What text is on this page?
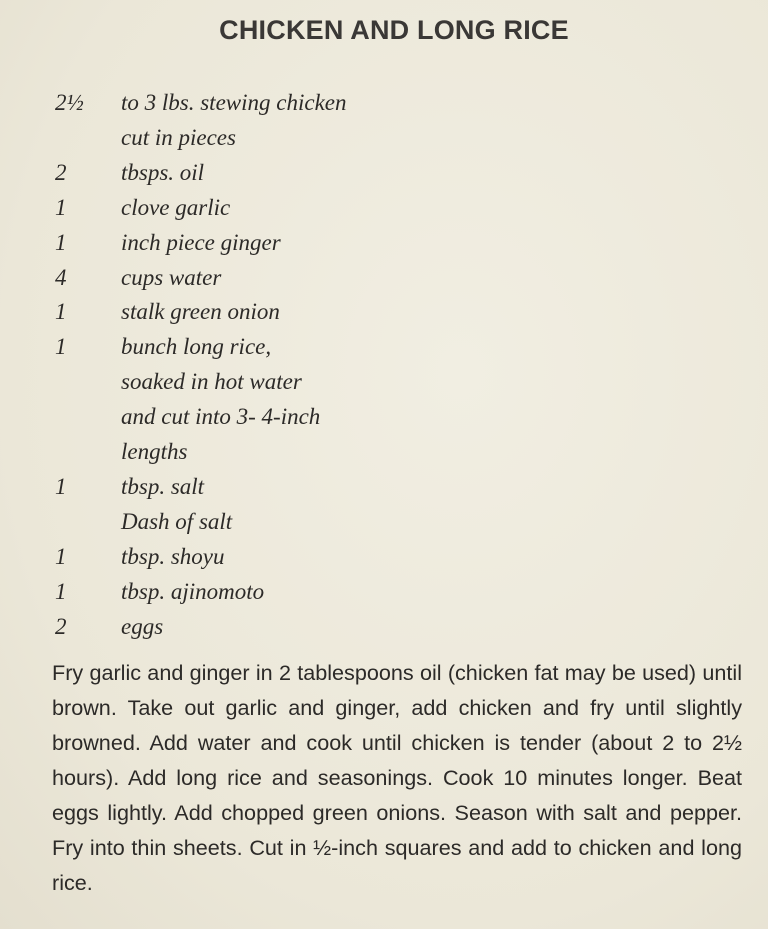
CHICKEN AND LONG RICE
2½	to 3 lbs. stewing chicken
cut in pieces
2	tbsps. oil
1	clove garlic
1	inch piece ginger
4	cups water
1	stalk green onion
1	bunch long rice,
soaked in hot water
and cut into 3- 4-inch
lengths
1	tbsp. salt
Dash of salt
1	tbsp. shoyu
1	tbsp. ajinomoto
2	eggs
Fry garlic and ginger in 2 tablespoons oil (chicken fat may be used) until brown. Take out garlic and ginger, add chicken and fry until slightly browned. Add water and cook until chicken is tender (about 2 to 2½ hours). Add long rice and seasonings. Cook 10 minutes longer. Beat eggs lightly. Add chopped green onions. Season with salt and pepper. Fry into thin sheets. Cut in ½-inch squares and add to chicken and long rice.
